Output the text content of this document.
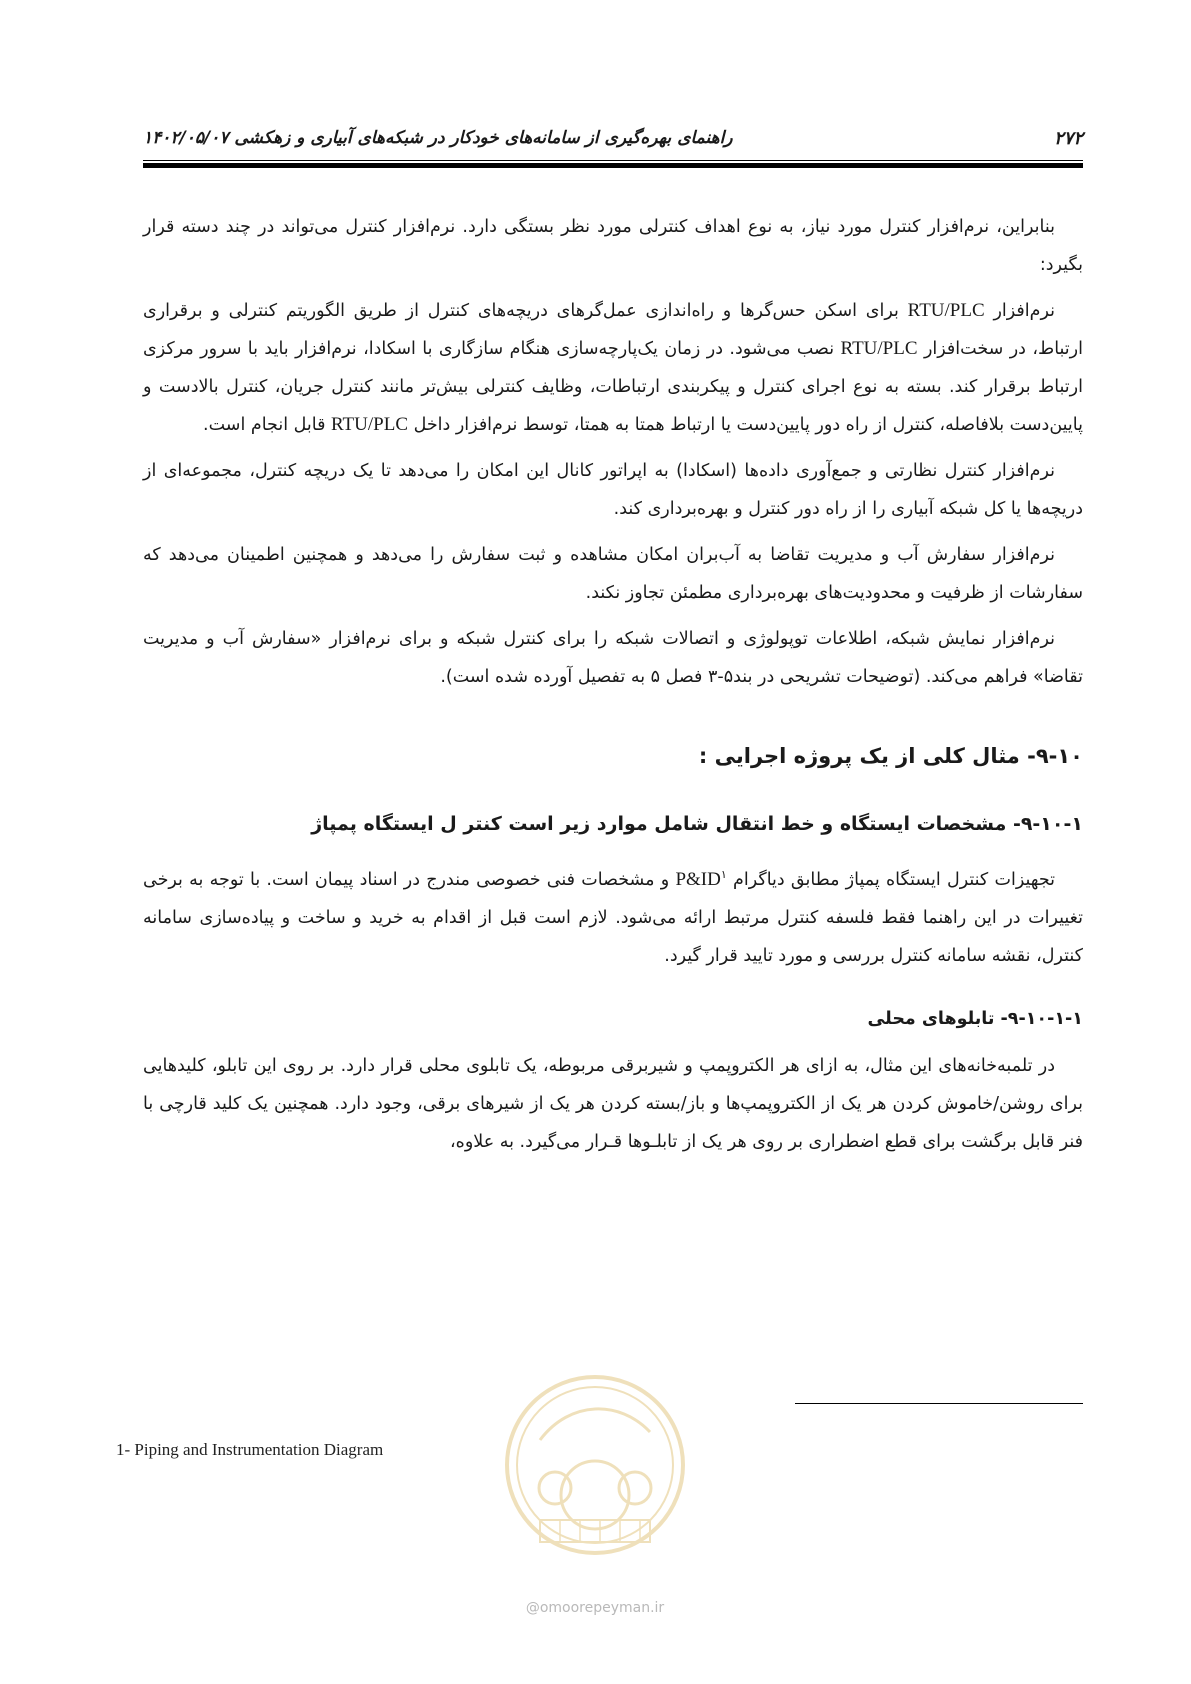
۲۷۲
راهنمای بهره‌گیری از سامانه‌های خودکار در شبکه‌های آبیاری و زهکشی ۱۴۰۲/۰۵/۰۷

بنابراین، نرم‌افزار کنترل مورد نیاز، به نوع اهداف کنترلی مورد نظر بستگی دارد. نرم‌افزار کنترل می‌تواند در چند دسته قرار بگیرد:

نرم‌افزار RTU/PLC برای اسکن حس‌گرها و راه‌اندازی عمل‌گرهای دریچه‌های کنترل از طریق الگوریتم کنترلی و برقراری ارتباط، در سخت‌افزار RTU/PLC نصب می‌شود. در زمان یک‌پارچه‌سازی هنگام سازگاری با اسکادا، نرم‌افزار باید با سرور مرکزی ارتباط برقرار کند. بسته به نوع اجرای کنترل و پیکربندی ارتباطات، وظایف کنترلی بیش‌تر مانند کنترل جریان، کنترل بالادست و پایین‌دست بلافاصله، کنترل از راه دور پایین‌دست یا ارتباط همتا به همتا، توسط نرم‌افزار داخل RTU/PLC قابل انجام است.

نرم‌افزار کنترل نظارتی و جمع‌آوری داده‌ها (اسکادا) به اپراتور کانال این امکان را می‌دهد تا یک دریچه کنترل، مجموعه‌ای از دریچه‌ها یا کل شبکه آبیاری را از راه دور کنترل و بهره‌برداری کند.

نرم‌افزار سفارش آب و مدیریت تقاضا به آب‌بران امکان مشاهده و ثبت سفارش را می‌دهد و همچنین اطمینان می‌دهد که سفارشات از ظرفیت و محدودیت‌های بهره‌برداری مطمئن تجاوز نکند.

نرم‌افزار نمایش شبکه، اطلاعات توپولوژی و اتصالات شبکه را برای کنترل شبکه و برای نرم‌افزار «سفارش آب و مدیریت تقاضا» فراهم می‌کند. (توضیحات تشریحی در بند۵-۳ فصل ۵ به تفصیل آورده شده است).

۹-۱۰- مثال کلی از یک پروژه اجرایی :
۹-۱۰-۱- مشخصات ایستگاه و خط انتقال شامل موارد زیر است کنتر ل ایستگاه پمپاژ

تجهیزات کنترل ایستگاه پمپاژ مطابق دیاگرام P&ID$^۱$ و مشخصات فنی خصوصی مندرج در اسناد پیمان است. با توجه به برخی تغییرات در این راهنما فقط فلسفه کنترل مرتبط ارائه می‌شود. لازم است قبل از اقدام به خرید و ساخت و پیاده‌سازی سامانه کنترل، نقشه سامانه کنترل بررسی و مورد تایید قرار گیرد.

۹-۱۰-۱-۱- تابلوهای محلی

در تلمبه‌خانه‌های این مثال، به ازای هر الکتروپمپ و شیربرقی مربوطه، یک تابلوی محلی قرار دارد. بر روی این تابلو، کلیدهایی برای روشن/خاموش کردن هر یک از الکتروپمپ‌ها و باز/بسته کردن هر یک از شیرهای برقی، وجود دارد. همچنین یک کلید قارچی با فنر قابل برگشت برای قطع اضطراری بر روی هر یک از تابلـوها قـرار می‌گیرد. به علاوه،

1- Piping and Instrumentation Diagram
@omoorepeyman.ir
